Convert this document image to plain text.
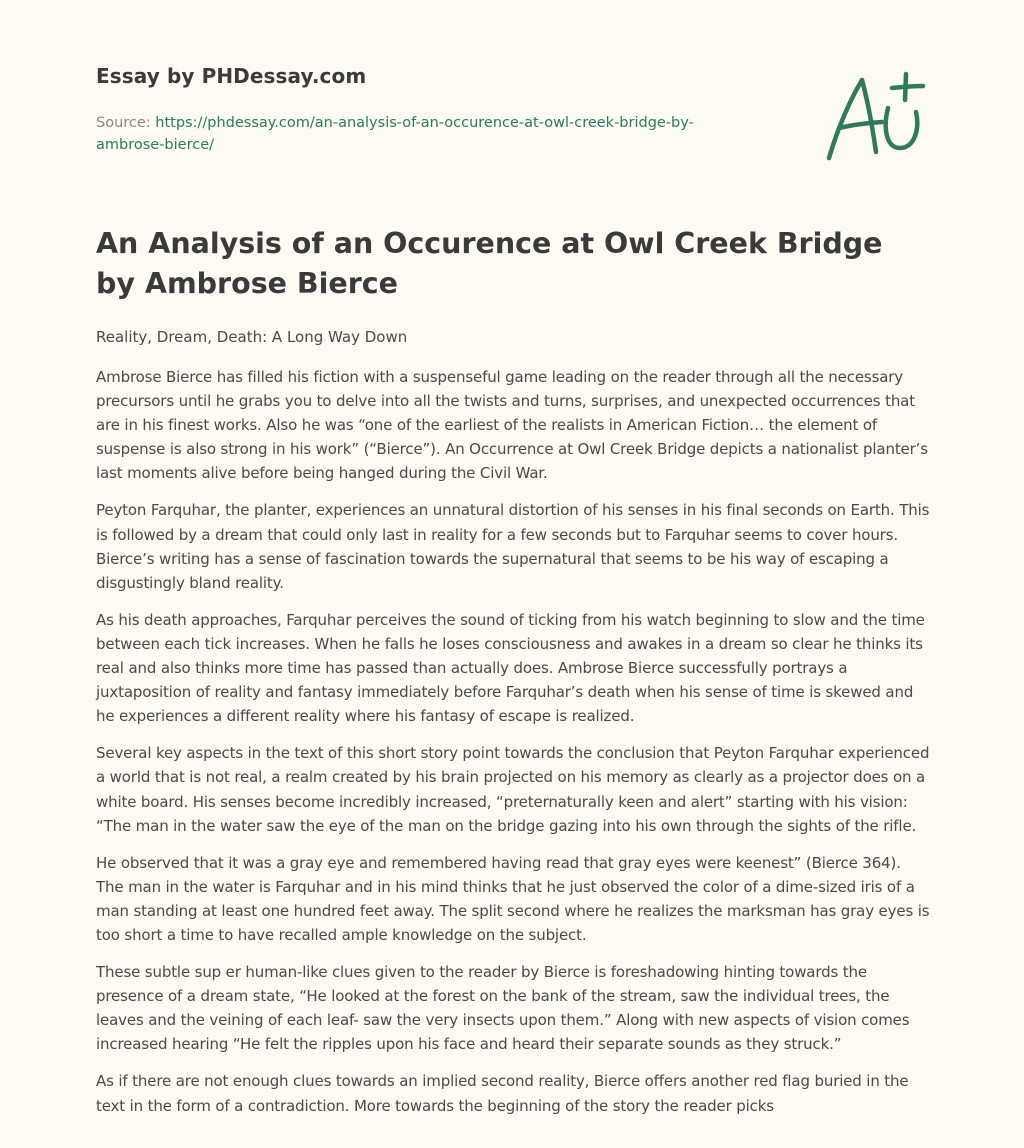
Essay by PHDessay.com
Source: https://phdessay.com/an-analysis-of-an-occurence-at-owl-creek-bridge-by-ambrose-bierce/
An Analysis of an Occurence at Owl Creek Bridge by Ambrose Bierce

Reality, Dream, Death: A Long Way Down

Ambrose Bierce has filled his fiction with a suspenseful game leading on the reader through all the necessary precursors until he grabs you to delve into all the twists and turns, surprises, and unexpected occurrences that are in his finest works. Also he was “one of the earliest of the realists in American Fiction… the element of suspense is also strong in his work” (“Bierce”). An Occurrence at Owl Creek Bridge depicts a nationalist planter’s last moments alive before being hanged during the Civil War.

Peyton Farquhar, the planter, experiences an unnatural distortion of his senses in his final seconds on Earth. This is followed by a dream that could only last in reality for a few seconds but to Farquhar seems to cover hours. Bierce’s writing has a sense of fascination towards the supernatural that seems to be his way of escaping a disgustingly bland reality.

As his death approaches, Farquhar perceives the sound of ticking from his watch beginning to slow and the time between each tick increases. When he falls he loses consciousness and awakes in a dream so clear he thinks its real and also thinks more time has passed than actually does. Ambrose Bierce successfully portrays a juxtaposition of reality and fantasy immediately before Farquhar’s death when his sense of time is skewed and he experiences a different reality where his fantasy of escape is realized.

Several key aspects in the text of this short story point towards the conclusion that Peyton Farquhar experienced a world that is not real, a realm created by his brain projected on his memory as clearly as a projector does on a white board. His senses become incredibly increased, “preternaturally keen and alert” starting with his vision: “The man in the water saw the eye of the man on the bridge gazing into his own through the sights of the rifle.

He observed that it was a gray eye and remembered having read that gray eyes were keenest” (Bierce 364). The man in the water is Farquhar and in his mind thinks that he just observed the color of a dime-sized iris of a man standing at least one hundred feet away. The split second where he realizes the marksman has gray eyes is too short a time to have recalled ample knowledge on the subject.

These subtle sup er human-like clues given to the reader by Bierce is foreshadowing hinting towards the presence of a dream state, “He looked at the forest on the bank of the stream, saw the individual trees, the leaves and the veining of each leaf- saw the very insects upon them.” Along with new aspects of vision comes increased hearing “He felt the ripples upon his face and heard their separate sounds as they struck.”

As if there are not enough clues towards an implied second reality, Bierce offers another red flag buried in the text in the form of a contradiction. More towards the beginning of the story the reader picks
